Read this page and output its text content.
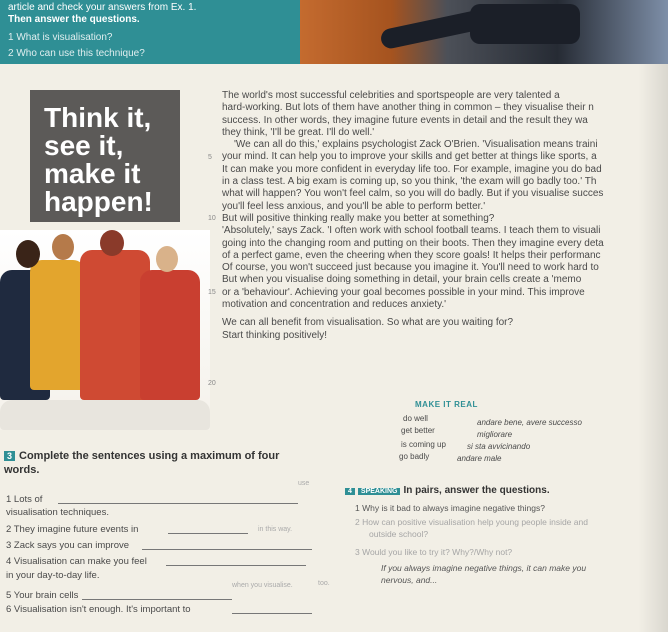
article and check your answers from Ex. 1.
Then answer the questions.
1 What is visualisation?
2 Who can use this technique?
Think it,
see it,
make it
happen!

The world's most successful celebrities and sportspeople are very talented a

hard-working. But lots of them have another thing in common – they visualise their n

success. In other words, they imagine future events in detail and the result they wa

they think, 'I'll be great. I'll do well.'

'We can all do this,' explains psychologist Zack O'Brien. 'Visualisation means traini

your mind. It can help you to improve your skills and get better at things like sports, a

It can make you more confident in everyday life too. For example, imagine you do bad

in a class test. A big exam is coming up, so you think, 'the exam will go badly too.' Th

what will happen? You won't feel calm, so you will do badly. But if you visualise succes

you'll feel less anxious, and you'll be able to perform better.'

But will positive thinking really make you better at something?

'Absolutely,' says Zack. 'I often work with school football teams. I teach them to visuali

going into the changing room and putting on their boots. Then they imagine every deta

of a perfect game, even the cheering when they score goals! It helps their performanc

Of course, you won't succeed just because you imagine it. You'll need to work hard to

But when you visualise doing something in detail, your brain cells create a 'memo

or a 'behaviour'. Achieving your goal becomes possible in your mind. This improve

motivation and concentration and reduces anxiety.'

We can all benefit from visualisation. So what are you waiting for?

Start thinking positively!

5
10
15
20
MAKE IT REAL
do well	andare bene, avere successo
get better	migliorare
is coming up	si sta avvicinando
go badly	andare male
3 Complete the sentences using a maximum of four
words.
1 Lots of
use
visualisation techniques.
2 They imagine future events in	in this way.
3 Zack says you can improve
4 Visualisation can make you feel
in your day-to-day life.
5 Your brain cells
when you visualise.
6 Visualisation isn't enough. It's important to
too.
4 SPEAKING In pairs, answer the questions.
1 Why is it bad to always imagine negative things?
2 How can positive visualisation help young people inside and
outside school?
3 Would you like to try it? Why?/Why not?
If you always imagine negative things, it can make you
nervous, and...
